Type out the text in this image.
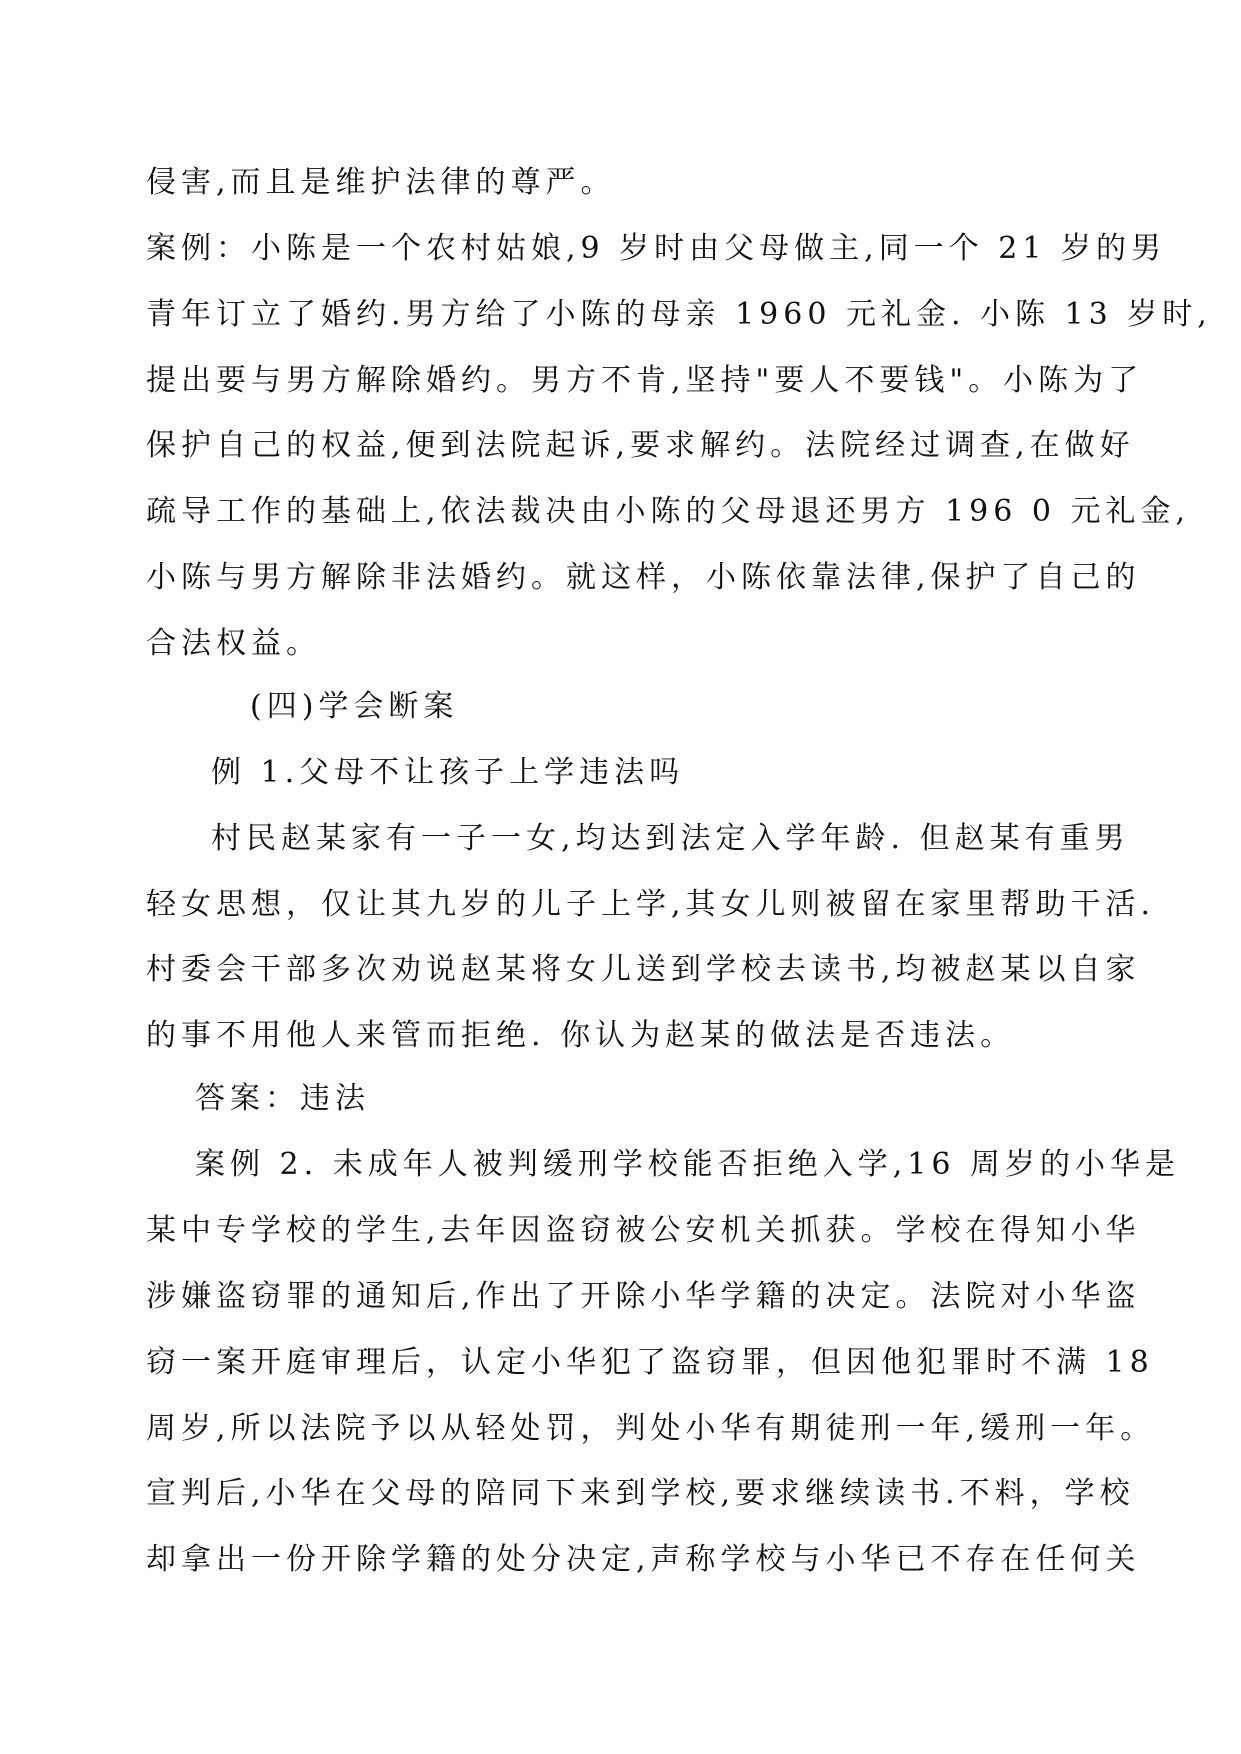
侵害,而且是维护法律的尊严。
案例：小陈是一个农村姑娘,9 岁时由父母做主,同一个 21 岁的男
青年订立了婚约.男方给了小陈的母亲 1960 元礼金. 小陈 13 岁时,
提出要与男方解除婚约。男方不肯,坚持"要人不要钱"。小陈为了
保护自己的权益,便到法院起诉,要求解约。法院经过调查,在做好
疏导工作的基础上,依法裁决由小陈的父母退还男方 196 0 元礼金,
小陈与男方解除非法婚约。就这样，小陈依靠法律,保护了自己的
合法权益。
(四)学会断案
例 1.父母不让孩子上学违法吗
村民赵某家有一子一女,均达到法定入学年龄. 但赵某有重男
轻女思想，仅让其九岁的儿子上学,其女儿则被留在家里帮助干活.
村委会干部多次劝说赵某将女儿送到学校去读书,均被赵某以自家
的事不用他人来管而拒绝. 你认为赵某的做法是否违法。
答案：违法
案例 2. 未成年人被判缓刑学校能否拒绝入学,16 周岁的小华是
某中专学校的学生,去年因盗窃被公安机关抓获。学校在得知小华
涉嫌盗窃罪的通知后,作出了开除小华学籍的决定。法院对小华盗
窃一案开庭审理后，认定小华犯了盗窃罪，但因他犯罪时不满 18
周岁,所以法院予以从轻处罚，判处小华有期徒刑一年,缓刑一年。
宣判后,小华在父母的陪同下来到学校,要求继续读书.不料，学校
却拿出一份开除学籍的处分决定,声称学校与小华已不存在任何关
